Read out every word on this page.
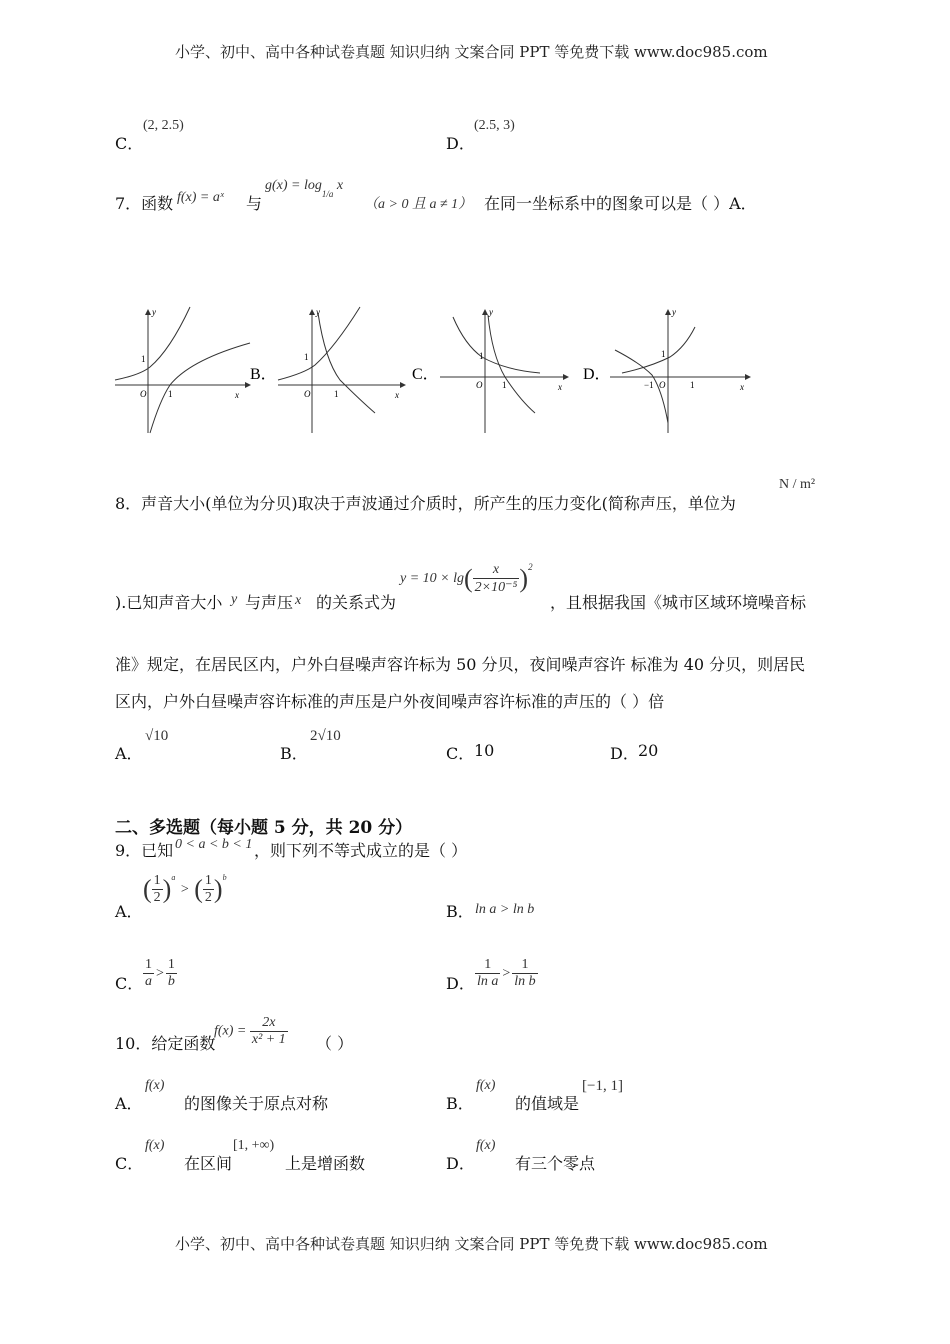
小学、初中、高中各种试卷真题 知识归纳 文案合同 PPT 等免费下载 www.doc985.com
C．
(2, 2.5)
D．
(2.5, 3)
7．函数 f(x) = aˣ 与
$g(x) = \log_{1/a} x$
（a > 0 且 a ≠ 1） 在同一坐标系中的图象可以是（ ）A．
y
x
O
1
1
B．
y
x
O
1
1
C．
y
x
O
1
1
D．
y
x
O
1
1
−1
8．声音大小(单位为分贝)取决于声波通过介质时，所产生的压力变化(简称声压，单位为
N / m²
).已知声音大小 y 与声压 x 的关系式为
$y = 10 \times \lg( \frac{x}{\text{2×10⁻⁵}} )^2$
，且根据我国《城市区域环境噪音标
准》规定，在居民区内，户外白昼噪声容许标为 50 分贝，夜间噪声容许 标准为 40 分贝，则居民
区内，户外白昼噪声容许标准的声压是户外夜间噪声容许标准的声压的（ ）倍
A．
√10
B．
2√10
C． 10	D． 20
二、多选题（每小题 5 分，共 20 分）
9．已知 0 < a < b < 1 ，则下列不等式成立的是（ ）
A．
( $\frac{1}{2} )^a$ > ( $\frac{1}{2} )^b$
B． ln a > ln b
C． $\frac{1}{a} > \frac{1}{b}$	D． $\frac{1}{\text{ln a}} > \frac{1}{\text{ln b}}$
10．给定函数
$f(x) = \frac{2x}{\text{x² + 1}}$ （ ）
A．
f(x)
的图像关于原点对称	B．
f(x)
的值域是
[−1, 1]
C．
f(x)
在区间
[1, +∞)
上是增函数	D．
f(x)
有三个零点
小学、初中、高中各种试卷真题 知识归纳 文案合同 PPT 等免费下载 www.doc985.com
